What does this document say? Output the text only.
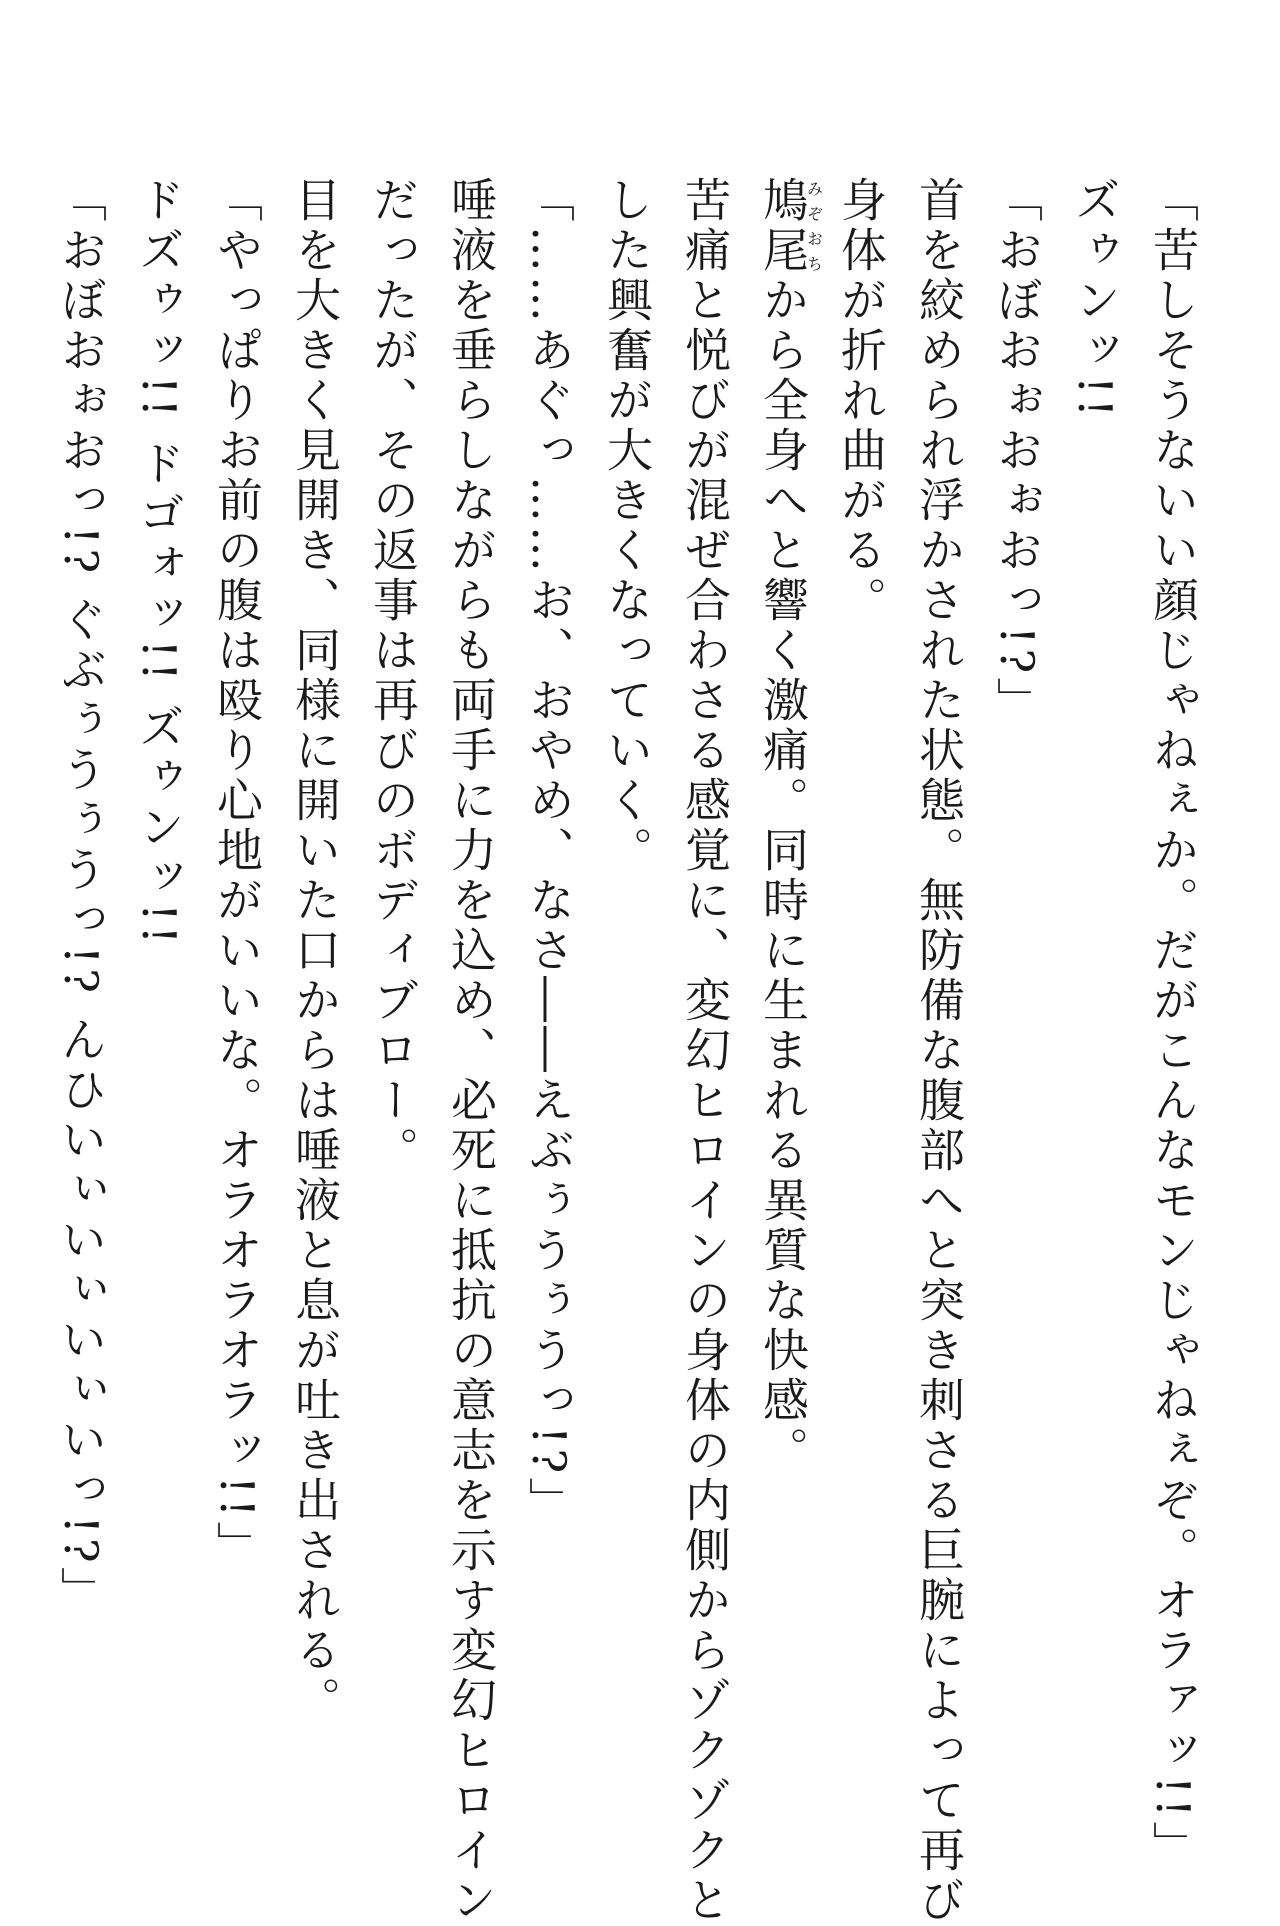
「苦しそうないい顔じゃねぇか。だがこんなモンじゃねぇぞ。オラァッ!!」
ズゥンッ!!
「おぼおぉおぉおっ!?」
首を絞められ浮かされた状態。無防備な腹部へと突き刺さる巨腕によって再び
身体が折れ曲がる。
鳩尾みぞおちから全身へと響く激痛。同時に生まれる異質な快感。
苦痛と悦びが混ぜ合わさる感覚に、変幻ヒロインの身体の内側からゾクゾクと
した興奮が大きくなっていく。
「……あぐっ……お、おやめ、なさ――えぶぅうぅうっ!?」
唾液を垂らしながらも両手に力を込め、必死に抵抗の意志を示す変幻ヒロイン
だったが、その返事は再びのボディブロー。
目を大きく見開き、同様に開いた口からは唾液と息が吐き出される。
「やっぱりお前の腹は殴り心地がいいな。オラオラオラッ!!」
ドズゥッ!! ドゴォッ!! ズゥンッ!!
「おぼおぉおっ!? ぐぶぅうぅうっ!? んひいぃいぃいぃいっ!?」
